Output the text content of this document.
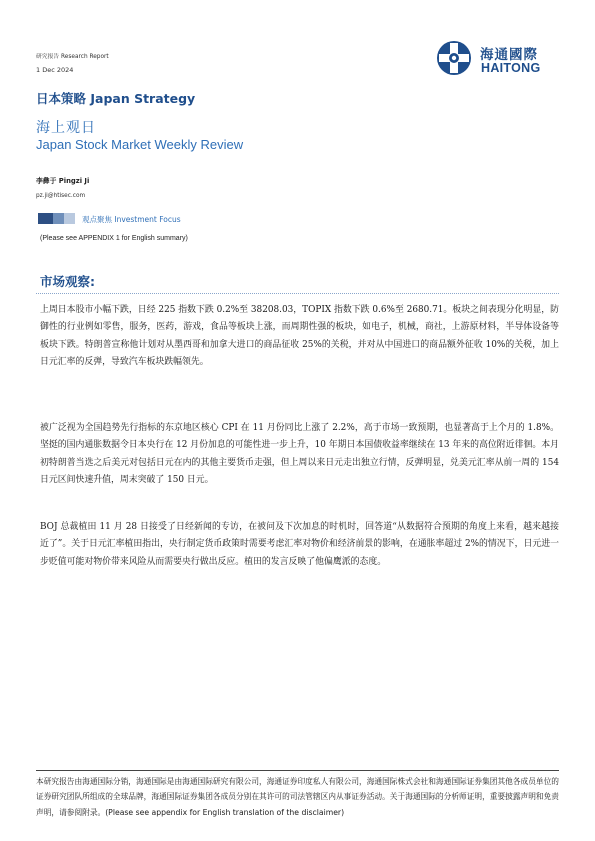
研究报告 Research Report
1 Dec 2024
日本策略 Japan Strategy
海上观日
Japan Stock Market Weekly Review
海通國際
HAITONG
李彝于 Pingzi Ji
pz.ji@htisec.com
观点聚焦 Investment Focus
(Please see APPENDIX 1 for English summary)
市场观察:

上周日本股市小幅下跌，日经 225 指数下跌 0.2%至 38208.03，TOPIX 指数下跌 0.6%至 2680.71。板块之间表现分化明显，防御性的行业例如零售，服务，医药，游戏，食品等板块上涨，而周期性强的板块，如电子，机械，商社，上游原材料，半导体设备等板块下跌。特朗普宣称他计划对从墨西哥和加拿大进口的商品征收 25%的关税，并对从中国进口的商品额外征收 10%的关税，加上日元汇率的反弹，导致汽车板块跌幅领先。

被广泛视为全国趋势先行指标的东京地区核心 CPI 在 11 月份同比上涨了 2.2%，高于市场一致预期，也显著高于上个月的 1.8%。坚挺的国内通胀数据令日本央行在 12 月份加息的可能性进一步上升，10 年期日本国债收益率继续在 13 年来的高位附近徘徊。本月初特朗普当选之后美元对包括日元在内的其他主要货币走强，但上周以来日元走出独立行情，反弹明显，兑美元汇率从前一周的 154 日元区间快速升值，周末突破了 150 日元。

BOJ 总裁植田 11 月 28 日接受了日经新闻的专访，在被问及下次加息的时机时，回答道“从数据符合预期的角度上来看，越来越接近了”。关于日元汇率植田指出，央行制定货币政策时需要考虑汇率对物价和经济前景的影响，在通胀率超过 2%的情况下，日元进一步贬值可能对物价带来风险从而需要央行做出反应。植田的发言反映了他偏鹰派的态度。

本研究报告由海通国际分销，海通国际是由海通国际研究有限公司，海通证券印度私人有限公司，海通国际株式会社和海通国际证券集团其他各成员单位的证券研究团队所组成的全球品牌，海通国际证券集团各成员分别在其许可的司法管辖区内从事证券活动。关于海通国际的分析师证明，重要披露声明和免责声明，请参阅附录。(Please see appendix for English translation of the disclaimer)
